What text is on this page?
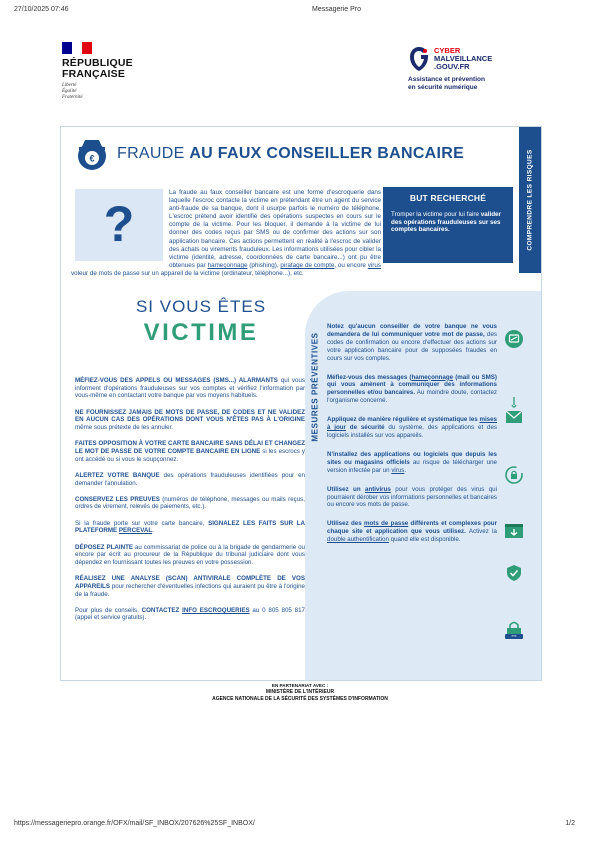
27/10/2025 07:46	Messagerie Pro
RÉPUBLIQUE
FRANÇAISE
Liberté
Égalité
Fraternité
CYBER
MALVEILLANCE
.GOUV.FR
Assistance et prévention
en sécurité numérique
COMPRENDRE LES RISQUES
€ FRAUDE AU FAUX CONSEILLER BANCAIRE
?
La fraude au faux conseiller bancaire est une forme d'escroquerie dans laquelle l'escroc contacte la victime en prétendant être un agent du service anti-fraude de sa banque, dont il usurpe parfois le numéro de téléphone. L'escroc prétend avoir identifié des opérations suspectes en cours sur le compte de la victime. Pour les bloquer, il demande à la victime de lui donner des codes reçus par SMS ou de confirmer des actions sur son application bancaire. Ces actions permettent en réalité à l'escroc de valider des achats ou virements frauduleux. Les informations utilisées pour cibler la victime (identité, adresse, coordonnées de carte bancaire...) ont pu être obtenues par hameçonnage (phishing), piratage de compte, ou encore virus voleur de mots de passe sur un appareil de la victime (ordinateur, téléphone...), etc.
BUT RECHERCHÉ
Tromper la victime pour lui faire valider des opérations frauduleuses sur ses comptes bancaires.
SI VOUS ÊTES
VICTIME

MÉFIEZ-VOUS DES APPELS OU MESSAGES (SMS...) ALARMANTS qui vous informent d'opérations frauduleuses sur vos comptes et vérifiez l'information par vous-même en contactant votre banque par vos moyens habituels.

NE FOURNISSEZ JAMAIS DE MOTS DE PASSE, DE CODES ET NE VALIDEZ EN AUCUN CAS DES OPÉRATIONS DONT VOUS N'ÊTES PAS À L'ORIGINE même sous prétexte de les annuler.

FAITES OPPOSITION À VOTRE CARTE BANCAIRE SANS DÉLAI ET CHANGEZ LE MOT DE PASSE DE VOTRE COMPTE BANCAIRE EN LIGNE si les escrocs y ont accédé ou si vous le soupçonnez.

ALERTEZ VOTRE BANQUE des opérations frauduleuses identifiées pour en demander l'annulation.

CONSERVEZ LES PREUVES (numéros de téléphone, messages ou mails reçus, ordres de virement, relevés de paiements, etc.).

Si la fraude porte sur votre carte bancaire, SIGNALEZ LES FAITS SUR LA PLATEFORME PERCEVAL.

DÉPOSEZ PLAINTE au commissariat de police ou à la brigade de gendarmerie ou encore par écrit au procureur de la République du tribunal judiciaire dont vous dépendez en fournissant toutes les preuves en votre possession.

RÉALISEZ UNE ANALYSE (SCAN) ANTIVIRALE COMPLÈTE DE VOS APPAREILS pour rechercher d'éventuelles infections qui auraient pu être à l'origine de la fraude.

Pour plus de conseils, CONTACTEZ INFO ESCROQUERIES au 0 805 805 817 (appel et service gratuits).

MESURES PRÉVENTIVES

Notez qu'aucun conseiller de votre banque ne vous demandera de lui communiquer votre mot de passe, des codes de confirmation ou encore d'effectuer des actions sur votre application bancaire pour de supposées fraudes en cours sur vos comptes.

Méfiez-vous des messages (hameçonnage (mail ou SMS) qui vous amènent à communiquer des informations personnelles et/ou bancaires. Au moindre doute, contactez l'organisme concerné.

Appliquez de manière régulière et systématique les mises à jour de sécurité du système, des applications et des logiciels installés sur vos appareils.

N'installez des applications ou logiciels que depuis les sites ou magasins officiels au risque de télécharger une version infectée par un virus.

Utilisez un antivirus pour vous protéger des virus qui pourraient dérober vos informations personnelles et bancaires ou encore vos mots de passe.

Utilisez des mots de passe différents et complexes pour chaque site et application que vous utilisez. Activez la double authentification quand elle est disponible.

***
EN PARTENARIAT AVEC :
MINISTÈRE DE L'INTÉRIEUR
AGENCE NATIONALE DE LA SÉCURITÉ DES SYSTÈMES D'INFORMATION
https://messageriepro.orange.fr/OFX/mail/SF_INBOX/207626%25SF_INBOX/	1/2
